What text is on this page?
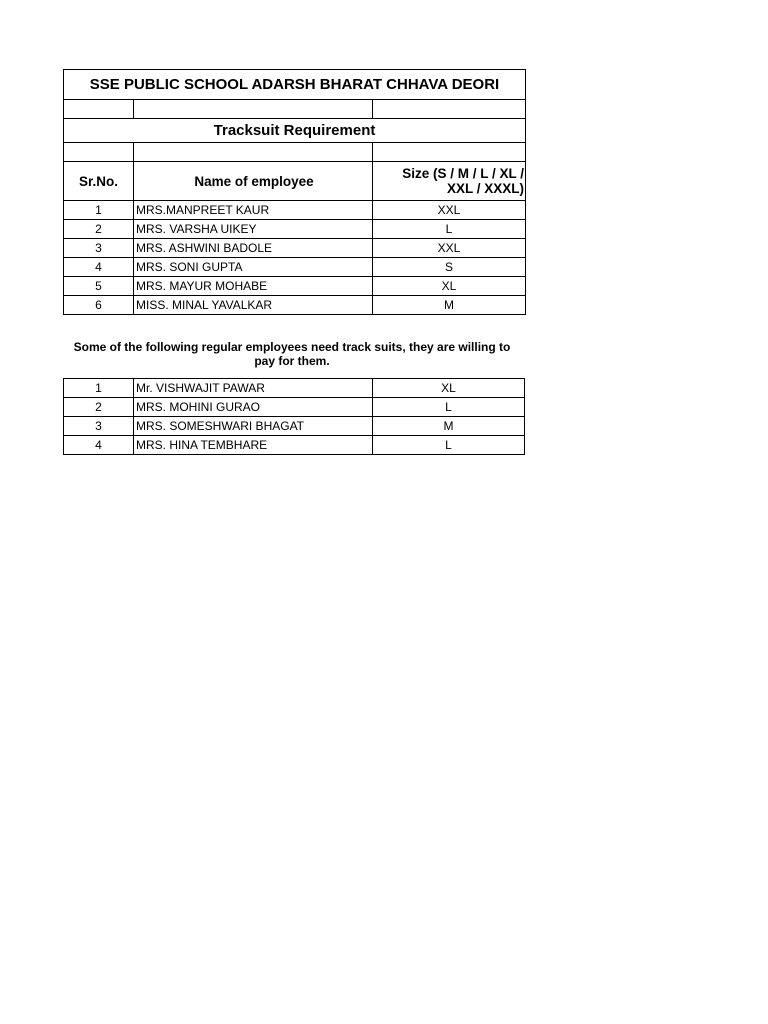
SSE PUBLIC SCHOOL ADARSH BHARAT CHHAVA DEORI		

Tracksuit Requirement		

Sr.No.	Name of employee	Size (S / M / L / XL / XXL / XXXL)
1	MRS.MANPREET KAUR	XXL
2	MRS. VARSHA UIKEY	L
3	MRS. ASHWINI BADOLE	XXL
4	MRS. SONI GUPTA	S
5	MRS. MAYUR MOHABE	XL
6	MISS. MINAL YAVALKAR	M
Some of the following regular employees need track suits, they are willing to pay for them.
1	Mr. VISHWAJIT PAWAR	XL
2	MRS. MOHINI GURAO	L
3	MRS. SOMESHWARI BHAGAT	M
4	MRS. HINA TEMBHARE	L
